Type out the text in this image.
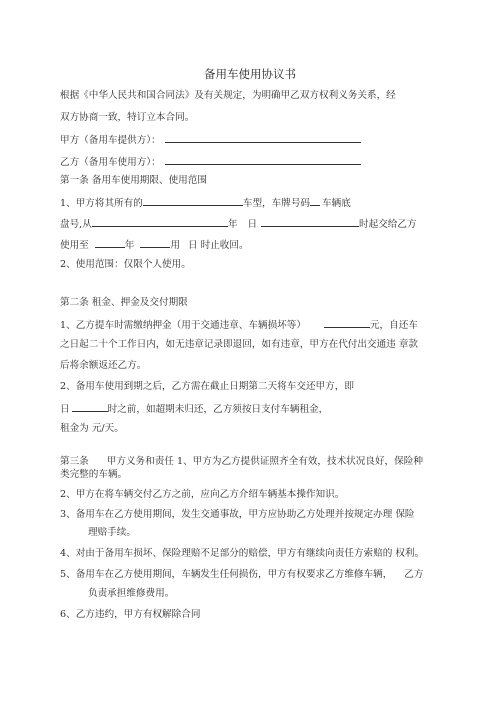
备用车使用协议书
根据《中华人民共和国合同法》及有关规定，为明确甲乙双方权利义务关系，经
双方协商一致，特订立本合同。
甲方（备用车提供方）：
乙方（备用车使用方）：
第一条 备用车使用期限、使用范围
1、甲方将其所有的	车型，车牌号码 车辆底
盘号,从	年 日	时起交给乙方
使用至	年	用 日 时止收回。
2、使用范围：仅限个人使用。
第二条 租金、押金及交付期限
1、乙方提车时需缴纳押金（用于交通违章、车辆损坏等）	元，自还车
之日起二十个工作日内，如无违章记录即退回，如有违章，甲方在代付出交通违 章款
后将余额返还乙方。
2、备用车使用到期之后，乙方需在截止日期第二天将车交还甲方，即
日	时之前，如超期未归还，乙方须按日支付车辆租金，
租金为 元/天。
第三条 甲方义务和责任 1、甲方为乙方提供证照齐全有效，技术状况良好，保险种
类完整的车辆。
2、甲方在将车辆交付乙方之前，应向乙方介绍车辆基本操作知识。
3、备用车在乙方使用期间，发生交通事故，甲方应协助乙方处理并按规定办理 保险
理赔手续。
4、对由于备用车损坏、保险理赔不足部分的赔偿，甲方有继续向责任方索赔的 权利。
5、备用车在乙方使用期间，车辆发生任何损伤，甲方有权要求乙方维修车辆， 乙方
负责承担维修费用。
6、乙方违约，甲方有权解除合同
